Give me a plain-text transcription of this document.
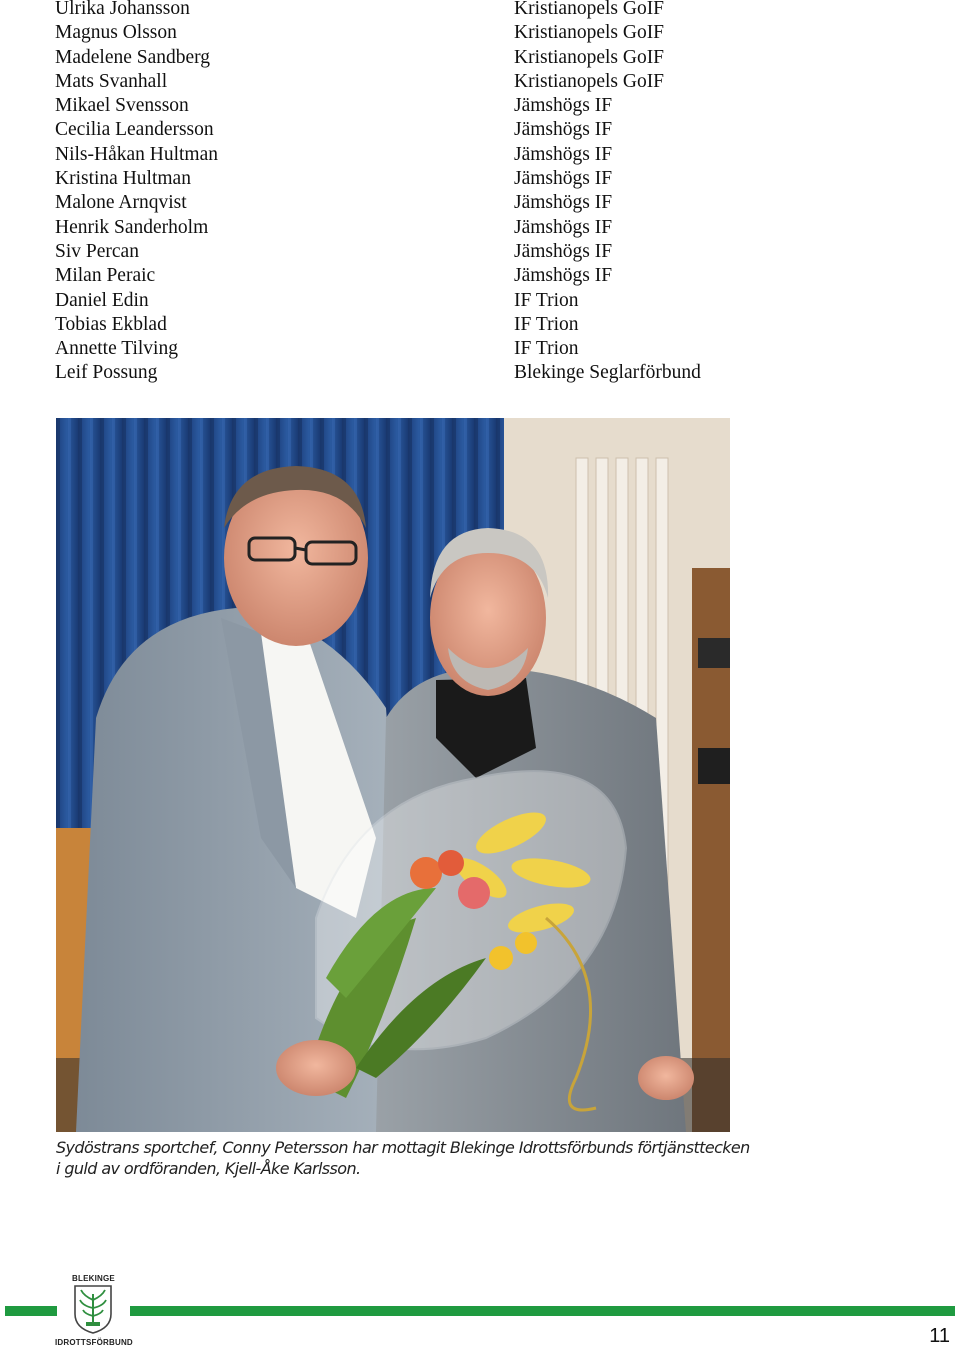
Ulrika Johansson
Magnus Olsson
Madelene Sandberg
Mats Svanhall
Mikael Svensson
Cecilia Leandersson
Nils-Håkan Hultman
Kristina Hultman
Malone Arnqvist
Henrik Sanderholm
Siv Percan
Milan Peraic
Daniel Edin
Tobias Ekblad
Annette Tilving
Leif Possung
Kristianopels GoIF
Kristianopels GoIF
Kristianopels GoIF
Kristianopels GoIF
Jämshögs IF
Jämshögs IF
Jämshögs IF
Jämshögs IF
Jämshögs IF
Jämshögs IF
Jämshögs IF
Jämshögs IF
IF Trion
IF Trion
IF Trion
Blekinge Seglarförbund

Sydöstrans sportchef, Conny Petersson har mottagit Blekinge Idrottsförbunds förtjänsttecken
i guld av ordföranden, Kjell-Åke Karlsson.

BLEKINGE
IDROTTSFÖRBUND	11
